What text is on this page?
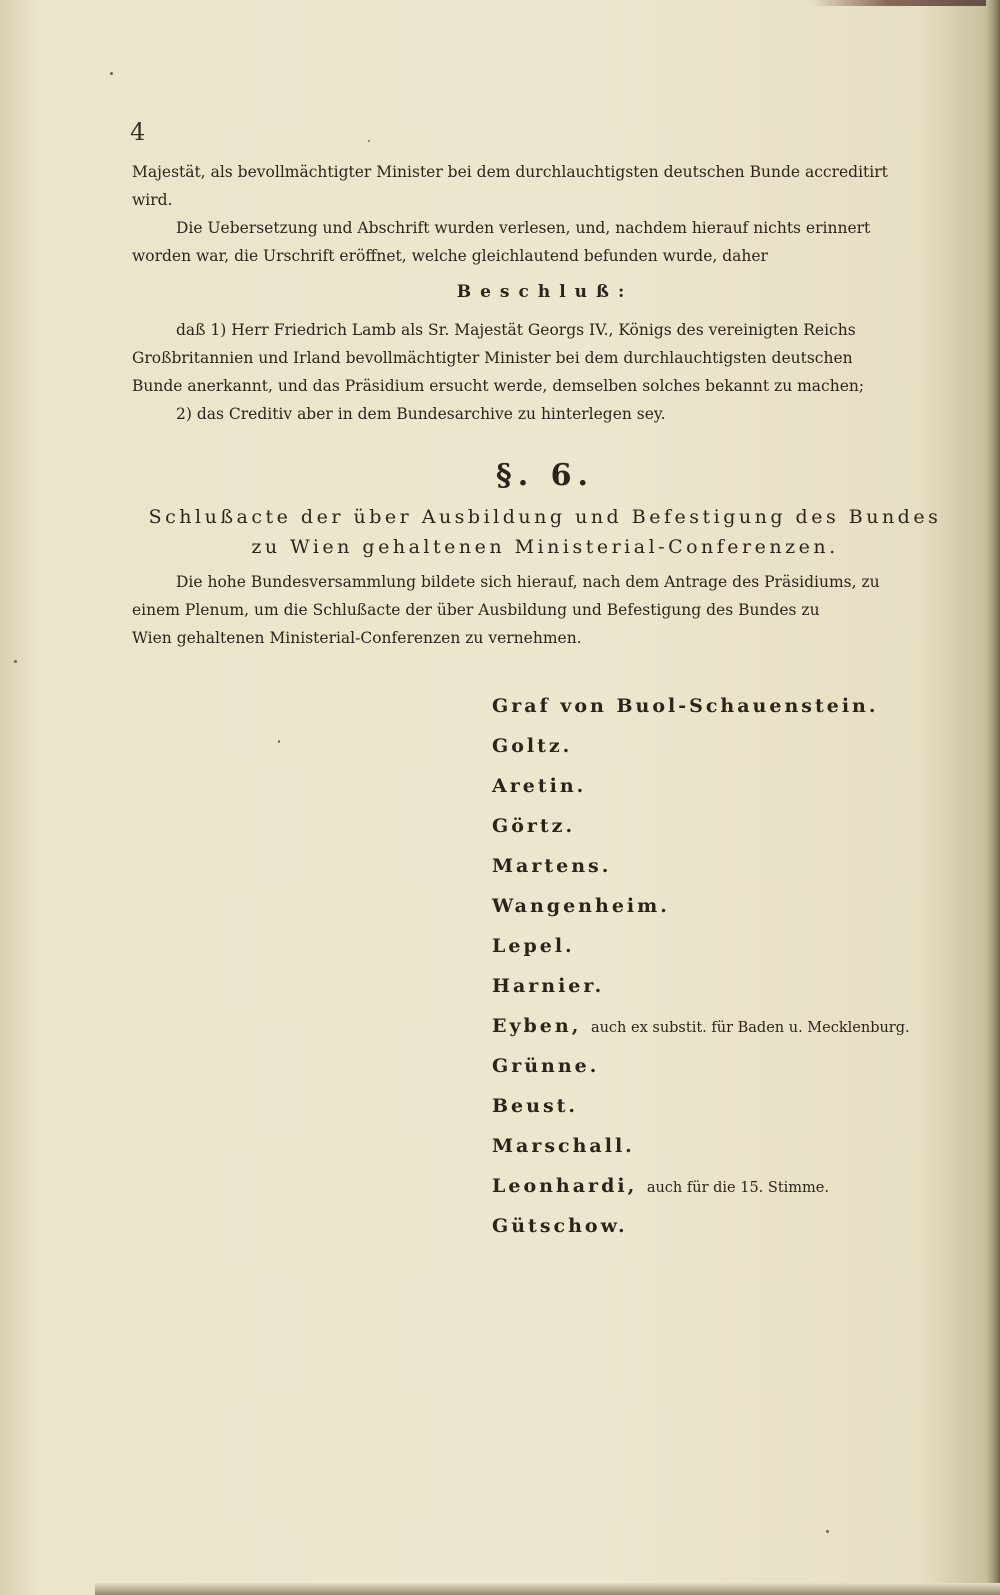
4

Majestät, als bevollmächtigter Minister bei dem durchlauchtigsten deutschen Bunde accreditirt
wird.

Die Uebersetzung und Abschrift wurden verlesen, und, nachdem hierauf nichts erinnert
worden war, die Urschrift eröffnet, welche gleichlautend befunden wurde, daher

Beschluß:

daß 1) Herr Friedrich Lamb als Sr. Majestät Georgs IV., Königs des vereinigten Reichs
Großbritannien und Irland bevollmächtigter Minister bei dem durchlauchtigsten deutschen
Bunde anerkannt, und das Präsidium ersucht werde, demselben solches bekannt zu machen;
2) das Creditiv aber in dem Bundesarchive zu hinterlegen sey.

§. 6.
Schlußacte der über Ausbildung und Befestigung des Bundes
zu Wien gehaltenen Ministerial-Conferenzen.

Die hohe Bundesversammlung bildete sich hierauf, nach dem Antrage des Präsidiums, zu
einem Plenum, um die Schlußacte der über Ausbildung und Befestigung des Bundes zu
Wien gehaltenen Ministerial-Conferenzen zu vernehmen.

Graf von Buol-Schauenstein.
Goltz.
Aretin.
Görtz.
Martens.
Wangenheim.
Lepel.
Harnier.
Eyben, auch ex substit. für Baden u. Mecklenburg.
Grünne.
Beust.
Marschall.
Leonhardi, auch für die 15. Stimme.
Gütschow.
